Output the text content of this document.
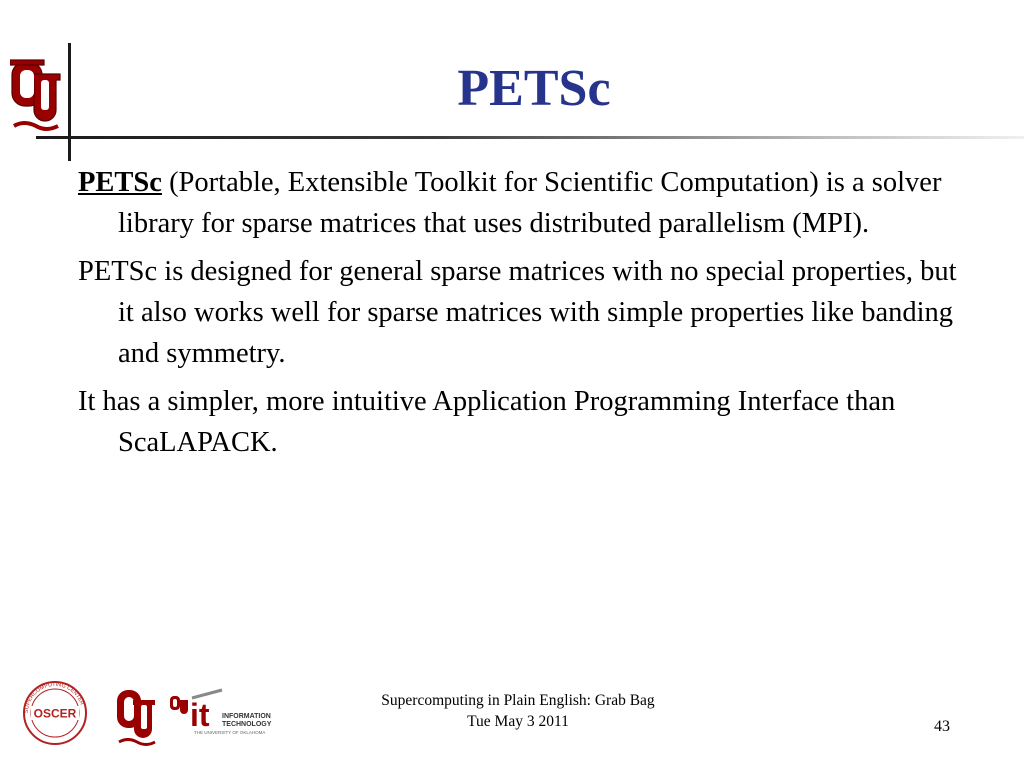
PETSc

PETSc (Portable, Extensible Toolkit for Scientific Computation) is a solver library for sparse matrices that uses distributed parallelism (MPI).

PETSc is designed for general sparse matrices with no special properties, but it also works well for sparse matrices with simple properties like banding and symmetry.

It has a simpler, more intuitive Application Programming Interface than ScaLAPACK.

SUPERCOMPUTING CENTER
OSCER	it INFORMATION
TECHNOLOGY
THE UNIVERSITY OF OKLAHOMA
Supercomputing in Plain English: Grab Bag
Tue May 3 2011	43
